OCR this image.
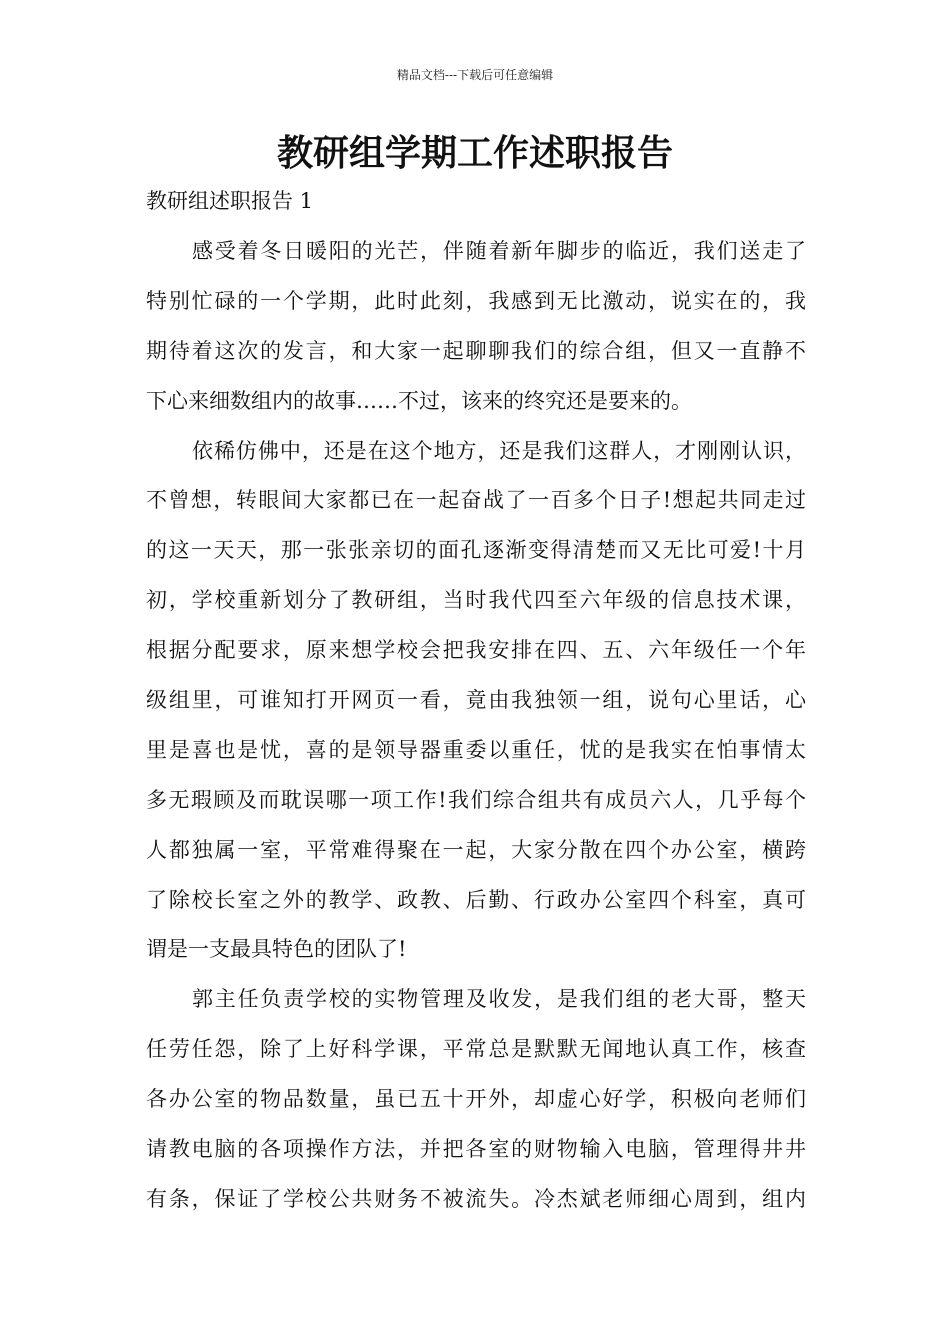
精品文档---下载后可任意编辑
教研组学期工作述职报告

教研组述职报告 1

感受着冬日暖阳的光芒，伴随着新年脚步的临近，我们送走了
特别忙碌的一个学期，此时此刻，我感到无比激动，说实在的，我
期待着这次的发言，和大家一起聊聊我们的综合组，但又一直静不
下心来细数组内的故事……不过，该来的终究还是要来的。
依稀仿佛中，还是在这个地方，还是我们这群人，才刚刚认识，
不曾想，转眼间大家都已在一起奋战了一百多个日子!想起共同走过
的这一天天，那一张张亲切的面孔逐渐变得清楚而又无比可爱!十月
初，学校重新划分了教研组，当时我代四至六年级的信息技术课，
根据分配要求，原来想学校会把我安排在四、五、六年级任一个年
级组里，可谁知打开网页一看，竟由我独领一组，说句心里话，心
里是喜也是忧，喜的是领导器重委以重任，忧的是我实在怕事情太
多无瑕顾及而耽误哪一项工作!我们综合组共有成员六人，几乎每个
人都独属一室，平常难得聚在一起，大家分散在四个办公室，横跨
了除校长室之外的教学、政教、后勤、行政办公室四个科室，真可
谓是一支最具特色的团队了!
郭主任负责学校的实物管理及收发，是我们组的老大哥，整天
任劳任怨，除了上好科学课，平常总是默默无闻地认真工作，核查
各办公室的物品数量，虽已五十开外，却虚心好学，积极向老师们
请教电脑的各项操作方法，并把各室的财物输入电脑，管理得井井
有条，保证了学校公共财务不被流失。冷杰斌老师细心周到，组内
